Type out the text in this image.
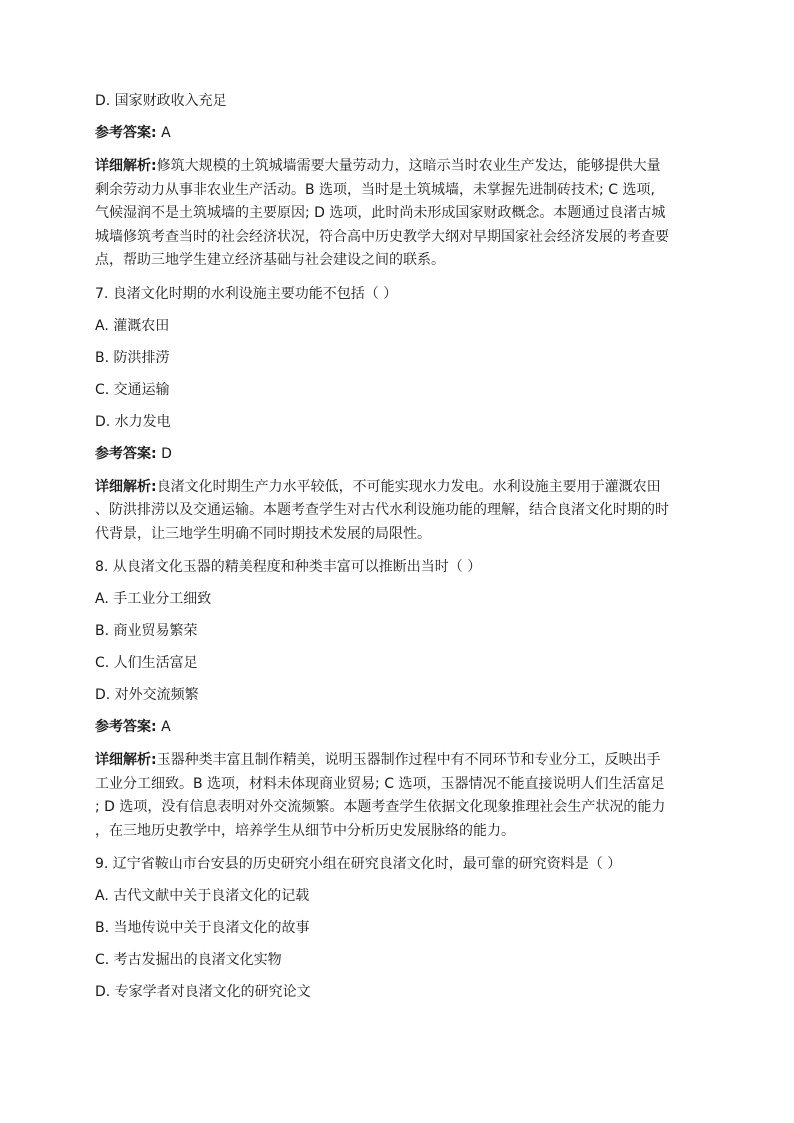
D. 国家财政收入充足

参考答案: A

详细解析:修筑大规模的土筑城墙需要大量劳动力，这暗示当时农业生产发达，能够提供大量
剩余劳动力从事非农业生产活动。B 选项，当时是土筑城墙，未掌握先进制砖技术; C 选项,
气候湿润不是土筑城墙的主要原因; D 选项，此时尚未形成国家财政概念。本题通过良渚古城
城墙修筑考查当时的社会经济状况，符合高中历史教学大纲对早期国家社会经济发展的考查要
点，帮助三地学生建立经济基础与社会建设之间的联系。

7. 良渚文化时期的水利设施主要功能不包括（ ）

A. 灌溉农田

B. 防洪排涝

C. 交通运输

D. 水力发电

参考答案: D

详细解析:良渚文化时期生产力水平较低，不可能实现水力发电。水利设施主要用于灌溉农田
、防洪排涝以及交通运输。本题考查学生对古代水利设施功能的理解，结合良渚文化时期的时
代背景，让三地学生明确不同时期技术发展的局限性。

8. 从良渚文化玉器的精美程度和种类丰富可以推断出当时（ ）

A. 手工业分工细致

B. 商业贸易繁荣

C. 人们生活富足

D. 对外交流频繁

参考答案: A

详细解析:玉器种类丰富且制作精美，说明玉器制作过程中有不同环节和专业分工，反映出手
工业分工细致。B 选项，材料未体现商业贸易; C 选项，玉器情况不能直接说明人们生活富足
; D 选项，没有信息表明对外交流频繁。本题考查学生依据文化现象推理社会生产状况的能力
，在三地历史教学中，培养学生从细节中分析历史发展脉络的能力。

9. 辽宁省鞍山市台安县的历史研究小组在研究良渚文化时，最可靠的研究资料是（ ）

A. 古代文献中关于良渚文化的记载

B. 当地传说中关于良渚文化的故事

C. 考古发掘出的良渚文化实物

D. 专家学者对良渚文化的研究论文
